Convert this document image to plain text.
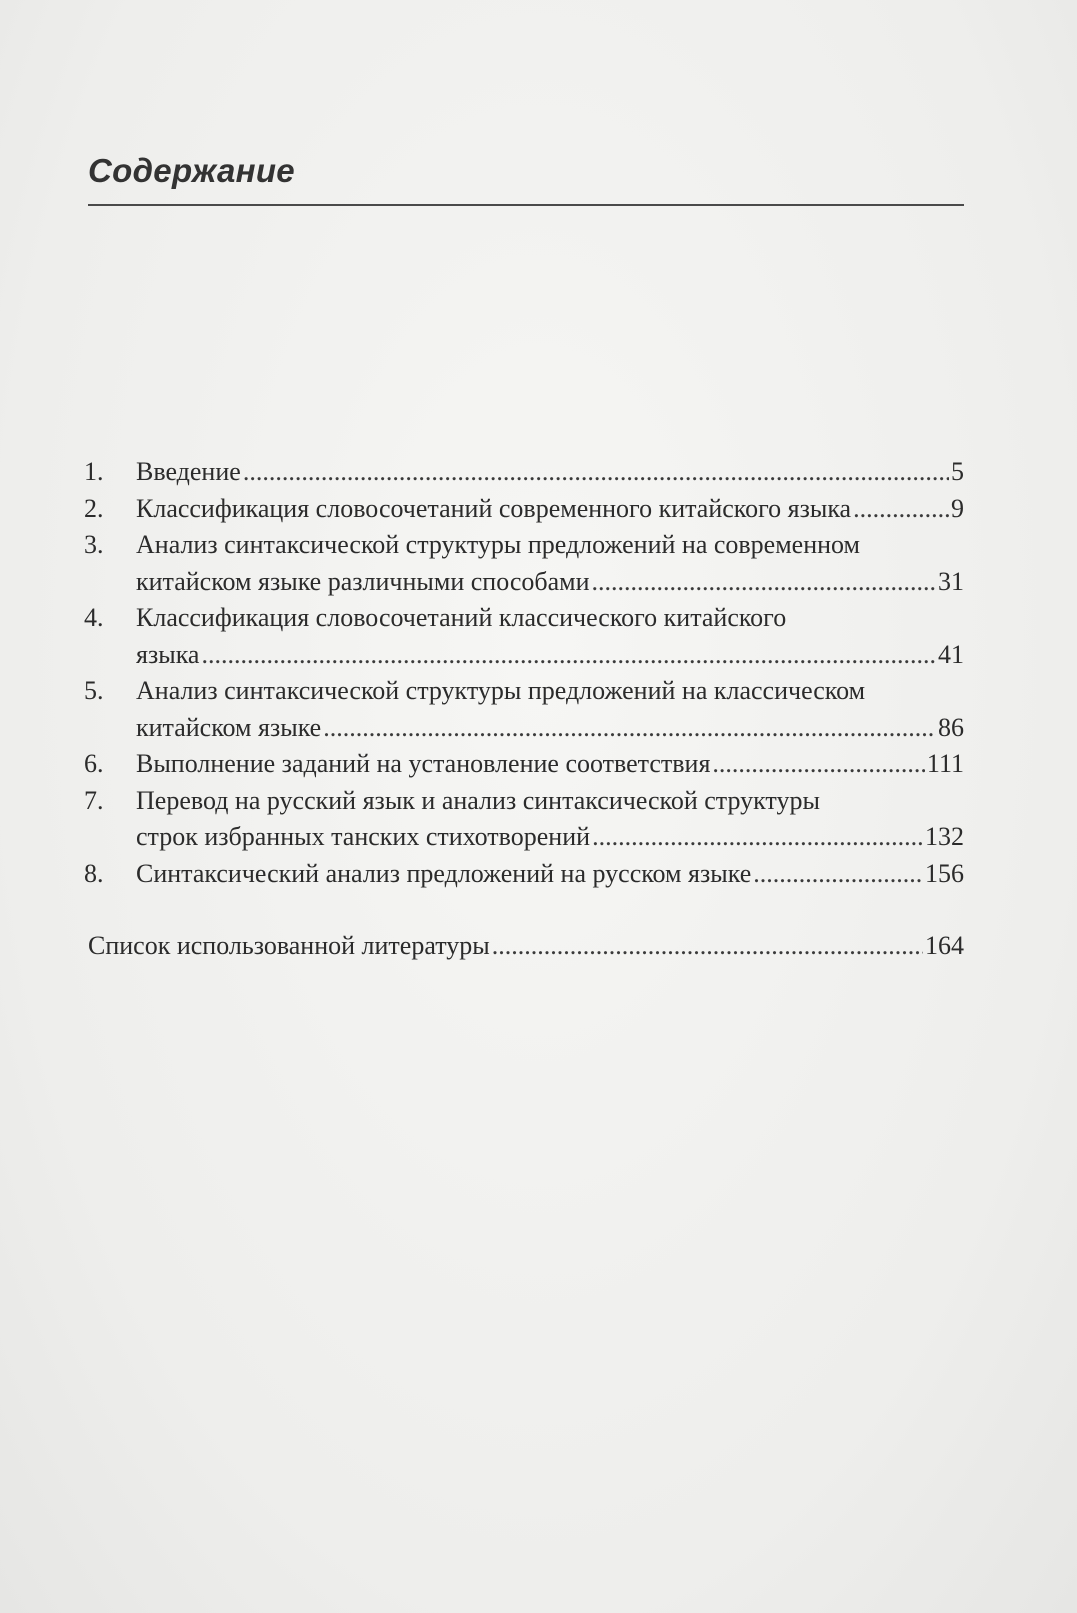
Содержание
1.	Введение .....	5
2.	Классификация словосочетаний современного китайского языка .....	9
3.	Анализ синтаксической структуры предложений на современном
китайском языке различными способами .....	31
4.	Классификация словосочетаний классического китайского
языка .....	41
5.	Анализ синтаксической структуры предложений на классическом
китайском языке .....	86
6.	Выполнение заданий на установление соответствия .....	111
7.	Перевод на русский язык и анализ синтаксической структуры
строк избранных танских стихотворений .....	132
8.	Синтаксический анализ предложений на русском языке .....	156
Список использованной литературы .....	164
